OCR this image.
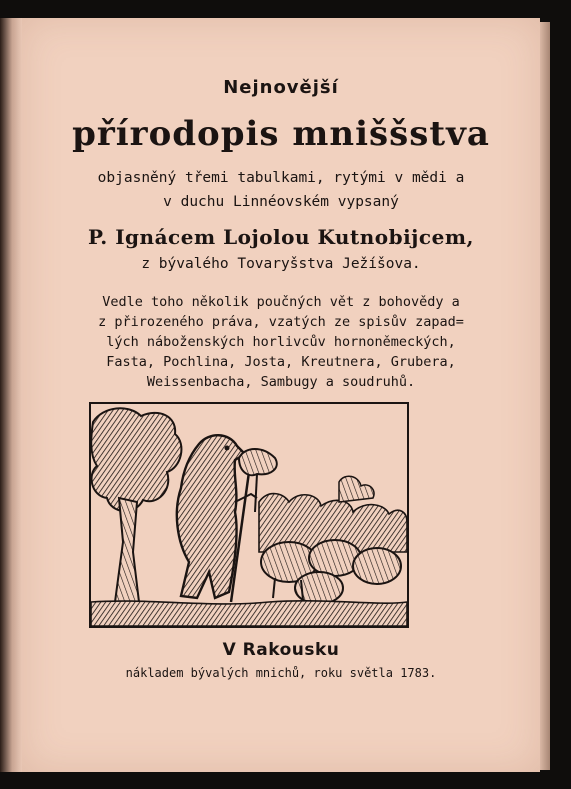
Nejnovější
přírodopis mniššstva
objasněný třemi tabulkami, rytými v mědi a
v duchu Linnéovském vypsaný
P. Ignácem Lojolou Kutnobijcem,
z bývalého Tovaryšstva Ježíšova.
Vedle toho několik poučných vět z bohovědy a
z přirozeného práva, vzatých ze spisův zapad=
lých náboženských horlivcův hornoněmeckých,
Fasta, Pochlina, Josta, Kreutnera, Grubera,
Weissenbacha, Sambugy a soudruhů.
V Rakousku
nákladem bývalých mnichů, roku světla 1783.
